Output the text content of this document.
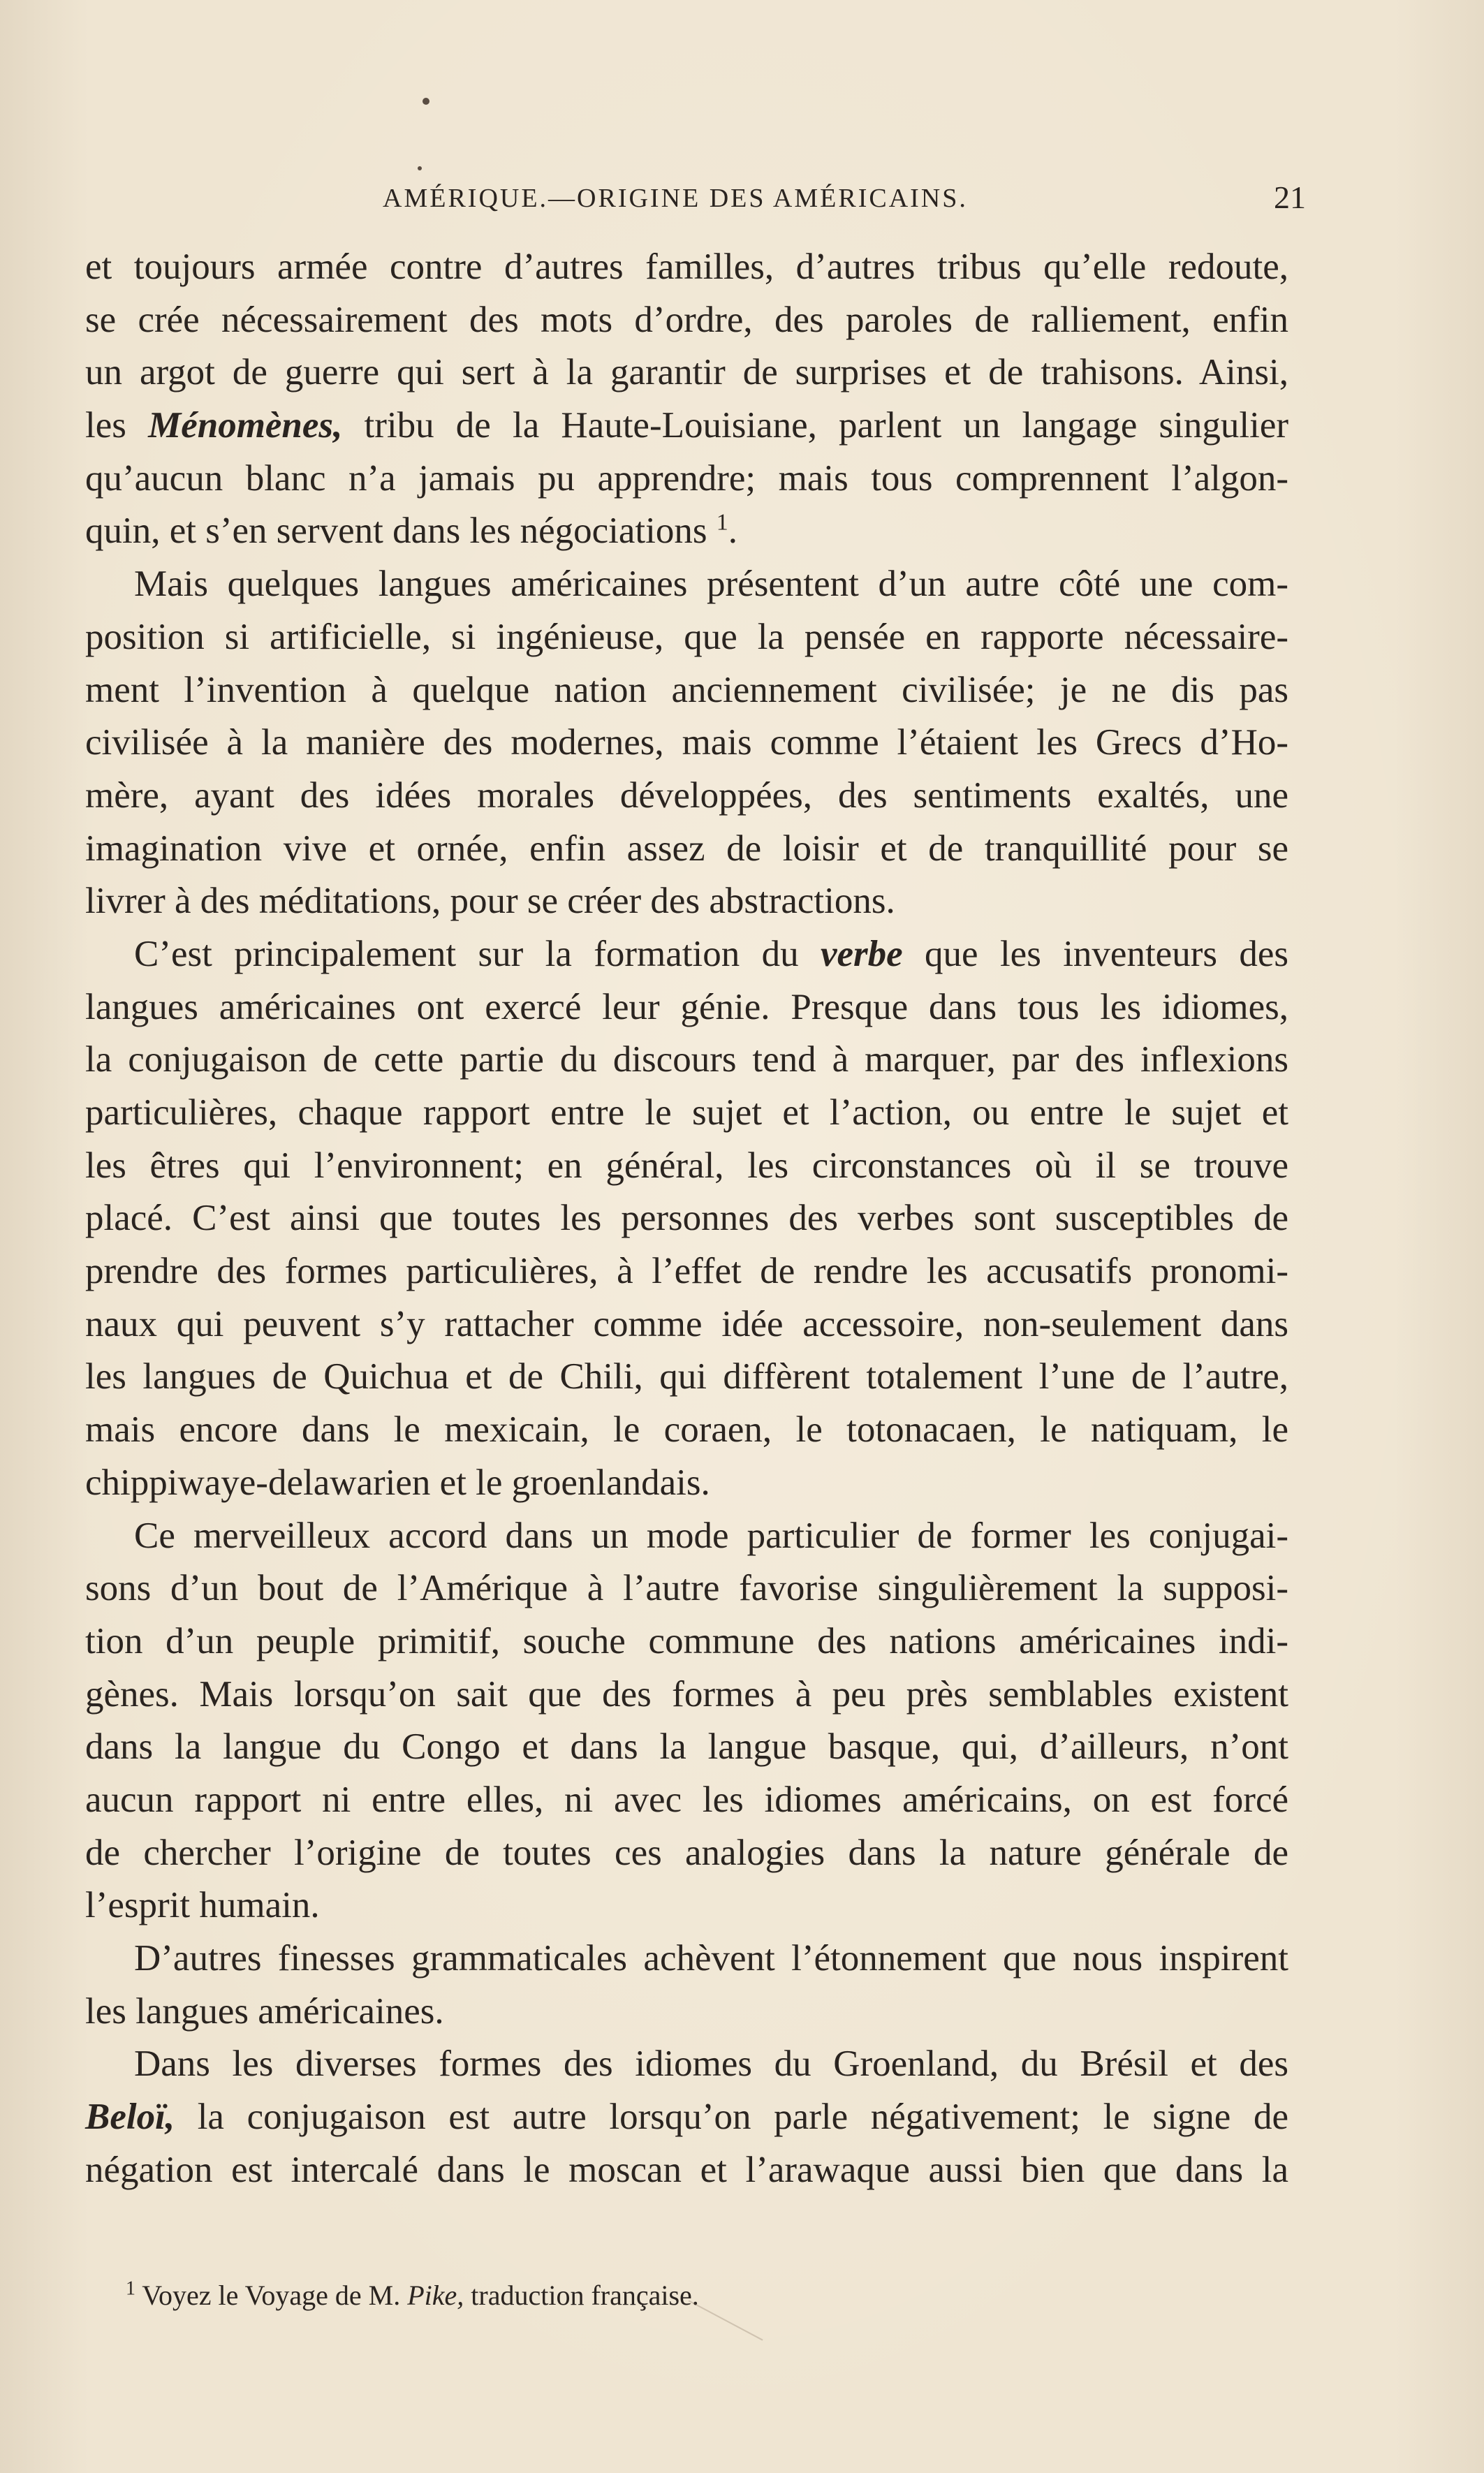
AMÉRIQUE.—ORIGINE DES AMÉRICAINS.	21
et toujours armée contre d’autres familles, d’autres tribus qu’elle redoute,
se crée nécessairement des mots d’ordre, des paroles de ralliement, enfin
un argot de guerre qui sert à la garantir de surprises et de trahisons. Ainsi,
les Ménomènes, tribu de la Haute-Louisiane, parlent un langage singulier
qu’aucun blanc n’a jamais pu apprendre; mais tous comprennent l’algon-
quin, et s’en servent dans les négociations $^1$.
Mais quelques langues américaines présentent d’un autre côté une com-
position si artificielle, si ingénieuse, que la pensée en rapporte nécessaire-
ment l’invention à quelque nation anciennement civilisée; je ne dis pas
civilisée à la manière des modernes, mais comme l’étaient les Grecs d’Ho-
mère, ayant des idées morales développées, des sentiments exaltés, une
imagination vive et ornée, enfin assez de loisir et de tranquillité pour se
livrer à des méditations, pour se créer des abstractions.
C’est principalement sur la formation du verbe que les inventeurs des
langues américaines ont exercé leur génie. Presque dans tous les idiomes,
la conjugaison de cette partie du discours tend à marquer, par des inflexions
particulières, chaque rapport entre le sujet et l’action, ou entre le sujet et
les êtres qui l’environnent; en général, les circonstances où il se trouve
placé. C’est ainsi que toutes les personnes des verbes sont susceptibles de
prendre des formes particulières, à l’effet de rendre les accusatifs pronomi-
naux qui peuvent s’y rattacher comme idée accessoire, non-seulement dans
les langues de Quichua et de Chili, qui diffèrent totalement l’une de l’autre,
mais encore dans le mexicain, le coraen, le totonacaen, le natiquam, le
chippiwaye-delawarien et le groenlandais.
Ce merveilleux accord dans un mode particulier de former les conjugai-
sons d’un bout de l’Amérique à l’autre favorise singulièrement la supposi-
tion d’un peuple primitif, souche commune des nations américaines indi-
gènes. Mais lorsqu’on sait que des formes à peu près semblables existent
dans la langue du Congo et dans la langue basque, qui, d’ailleurs, n’ont
aucun rapport ni entre elles, ni avec les idiomes américains, on est forcé
de chercher l’origine de toutes ces analogies dans la nature générale de
l’esprit humain.
D’autres finesses grammaticales achèvent l’étonnement que nous inspirent
les langues américaines.
Dans les diverses formes des idiomes du Groenland, du Brésil et des
Beloï, la conjugaison est autre lorsqu’on parle négativement; le signe de
négation est intercalé dans le moscan et l’arawaque aussi bien que dans la
$^1$ Voyez le Voyage de M. Pike, traduction française.
